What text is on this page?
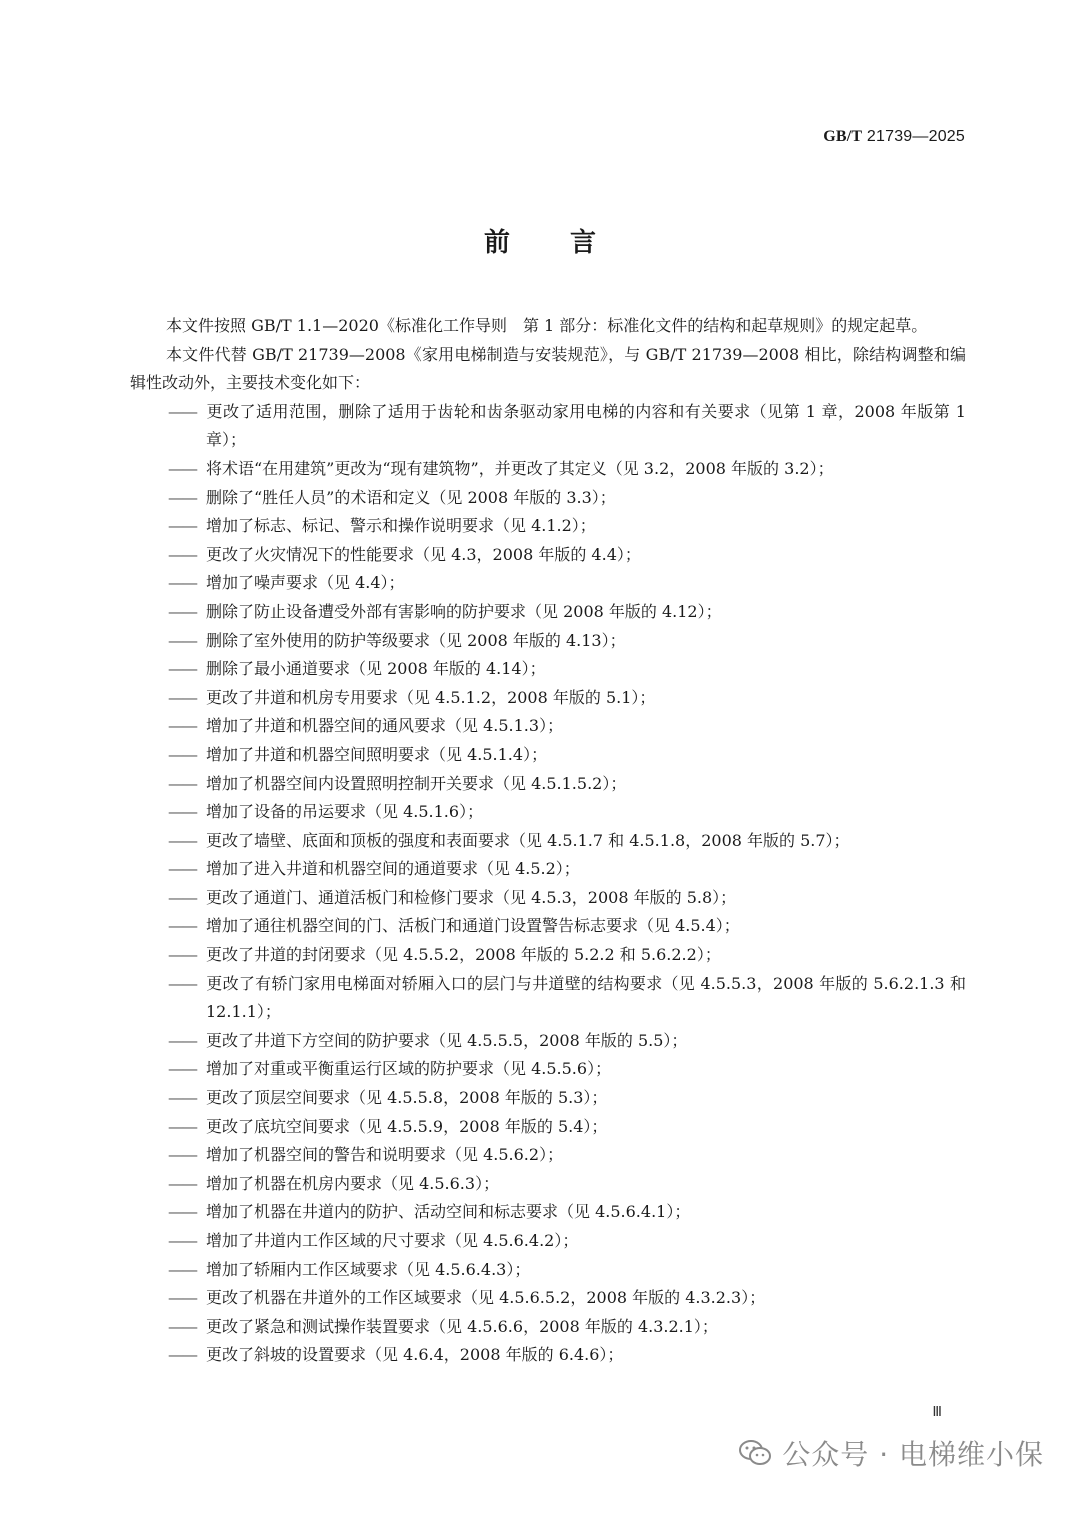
GB/T 21739—2025
前言

本文件按照 GB/T 1.1—2020《标准化工作导则　第 1 部分：标准化文件的结构和起草规则》的规定起草。

本文件代替 GB/T 21739—2008《家用电梯制造与安装规范》，与 GB/T 21739—2008 相比，除结构调整和编辑性改动外，主要技术变化如下：

—— 更改了适用范围，删除了适用于齿轮和齿条驱动家用电梯的内容和有关要求（见第 1 章，2008 年版第 1 章）；
—— 将术语“在用建筑”更改为“现有建筑物”，并更改了其定义（见 3.2，2008 年版的 3.2）；
—— 删除了“胜任人员”的术语和定义（见 2008 年版的 3.3）；
—— 增加了标志、标记、警示和操作说明要求（见 4.1.2）；
—— 更改了火灾情况下的性能要求（见 4.3，2008 年版的 4.4）；
—— 增加了噪声要求（见 4.4）；
—— 删除了防止设备遭受外部有害影响的防护要求（见 2008 年版的 4.12）；
—— 删除了室外使用的防护等级要求（见 2008 年版的 4.13）；
—— 删除了最小通道要求（见 2008 年版的 4.14）；
—— 更改了井道和机房专用要求（见 4.5.1.2，2008 年版的 5.1）；
—— 增加了井道和机器空间的通风要求（见 4.5.1.3）；
—— 增加了井道和机器空间照明要求（见 4.5.1.4）；
—— 增加了机器空间内设置照明控制开关要求（见 4.5.1.5.2）；
—— 增加了设备的吊运要求（见 4.5.1.6）；
—— 更改了墙壁、底面和顶板的强度和表面要求（见 4.5.1.7 和 4.5.1.8，2008 年版的 5.7）；
—— 增加了进入井道和机器空间的通道要求（见 4.5.2）；
—— 更改了通道门、通道活板门和检修门要求（见 4.5.3，2008 年版的 5.8）；
—— 增加了通往机器空间的门、活板门和通道门设置警告标志要求（见 4.5.4）；
—— 更改了井道的封闭要求（见 4.5.5.2，2008 年版的 5.2.2 和 5.6.2.2）；
—— 更改了有轿门家用电梯面对轿厢入口的层门与井道壁的结构要求（见 4.5.5.3，2008 年版的 5.6.2.1.3 和 12.1.1）；
—— 更改了井道下方空间的防护要求（见 4.5.5.5，2008 年版的 5.5）；
—— 增加了对重或平衡重运行区域的防护要求（见 4.5.5.6）；
—— 更改了顶层空间要求（见 4.5.5.8，2008 年版的 5.3）；
—— 更改了底坑空间要求（见 4.5.5.9，2008 年版的 5.4）；
—— 增加了机器空间的警告和说明要求（见 4.5.6.2）；
—— 增加了机器在机房内要求（见 4.5.6.3）；
—— 增加了机器在井道内的防护、活动空间和标志要求（见 4.5.6.4.1）；
—— 增加了井道内工作区域的尺寸要求（见 4.5.6.4.2）；
—— 增加了轿厢内工作区域要求（见 4.5.6.4.3）；
—— 更改了机器在井道外的工作区域要求（见 4.5.6.5.2，2008 年版的 4.3.2.3）；
—— 更改了紧急和测试操作装置要求（见 4.5.6.6，2008 年版的 4.3.2.1）；
—— 更改了斜坡的设置要求（见 4.6.4，2008 年版的 6.4.6）；
Ⅲ
公众号 · 电梯维小保
